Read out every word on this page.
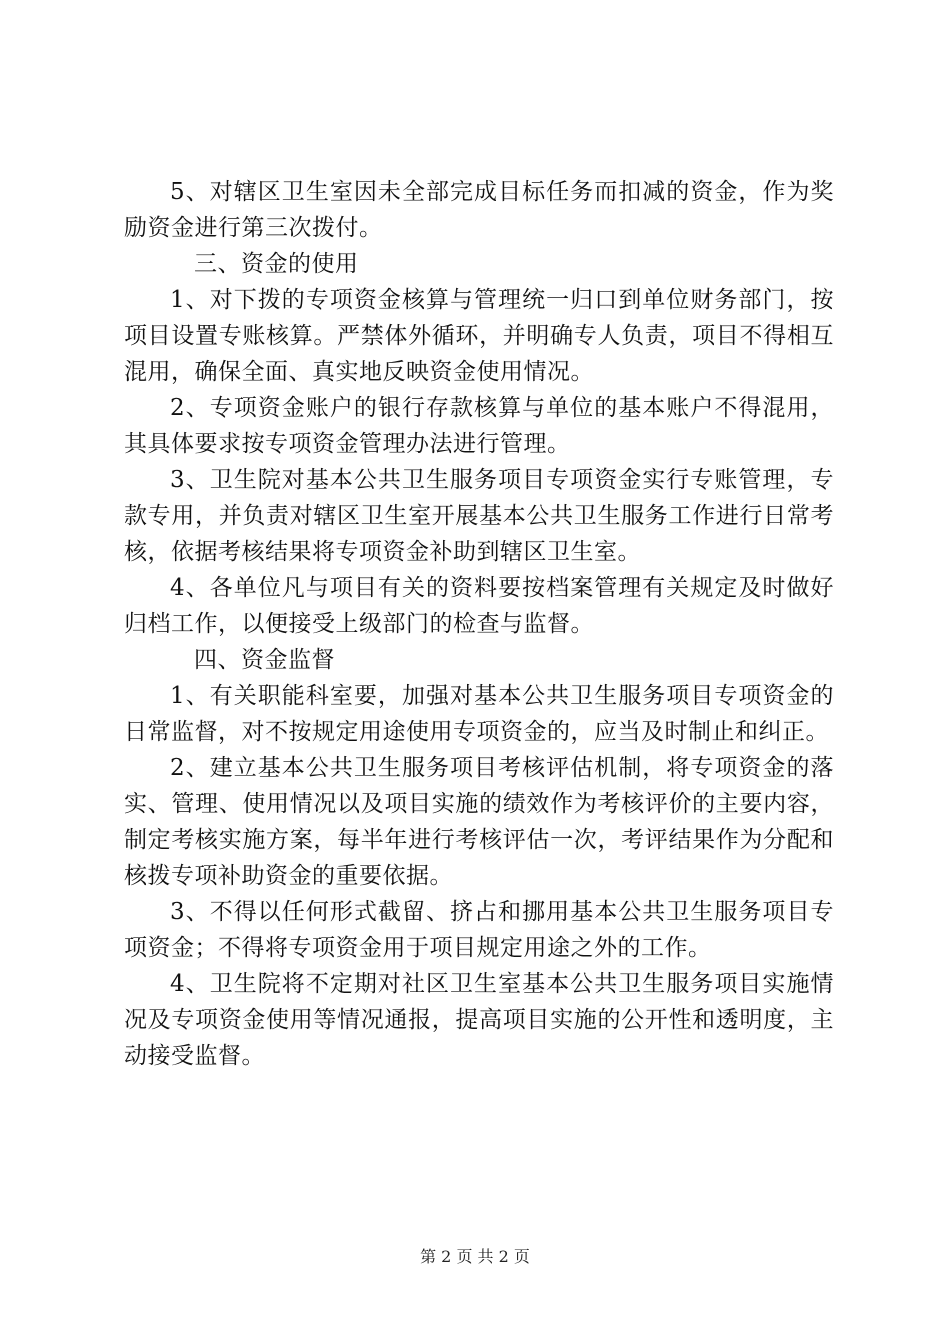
5、对辖区卫生室因未全部完成目标任务而扣减的资金，作为奖励资金进行第三次拨付。

三、资金的使用

1、对下拨的专项资金核算与管理统一归口到单位财务部门，按项目设置专账核算。严禁体外循环，并明确专人负责，项目不得相互混用，确保全面、真实地反映资金使用情况。

2、专项资金账户的银行存款核算与单位的基本账户不得混用，其具体要求按专项资金管理办法进行管理。

3、卫生院对基本公共卫生服务项目专项资金实行专账管理，专款专用，并负责对辖区卫生室开展基本公共卫生服务工作进行日常考核，依据考核结果将专项资金补助到辖区卫生室。

4、各单位凡与项目有关的资料要按档案管理有关规定及时做好归档工作，以便接受上级部门的检查与监督。

四、资金监督

1、有关职能科室要，加强对基本公共卫生服务项目专项资金的日常监督，对不按规定用途使用专项资金的，应当及时制止和纠正。

2、建立基本公共卫生服务项目考核评估机制，将专项资金的落实、管理、使用情况以及项目实施的绩效作为考核评价的主要内容，制定考核实施方案，每半年进行考核评估一次，考评结果作为分配和核拨专项补助资金的重要依据。

3、不得以任何形式截留、挤占和挪用基本公共卫生服务项目专项资金；不得将专项资金用于项目规定用途之外的工作。

4、卫生院将不定期对社区卫生室基本公共卫生服务项目实施情况及专项资金使用等情况通报，提高项目实施的公开性和透明度，主动接受监督。

第 2 页 共 2 页
